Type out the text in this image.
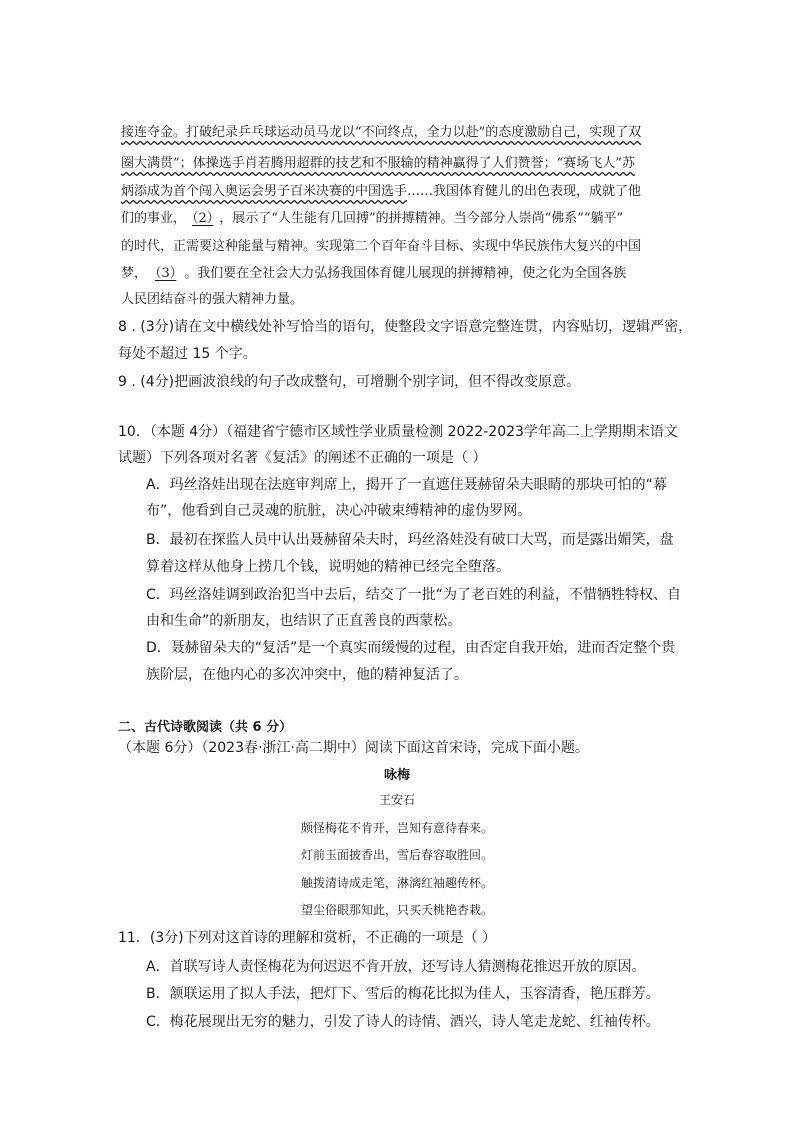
接连夺金。打破纪录乒乓球运动员马龙以“不问终点，全力以赴”的态度激励自己，实现了双
圈大满贯”；体操选手肖若腾用超群的技艺和不服输的精神赢得了人们赞誉；“赛场飞人”苏
炳添成为首个闯入奥运会男子百米决赛的中国选手……我国体育健儿的出色表现，成就了他
们的事业， （2） ，展示了“人生能有几回搏”的拼搏精神。当今部分人崇尚“佛系”“躺平”
的时代，正需要这种能量与精神。实现第二个百年奋斗目标、实现中华民族伟大复兴的中国
梦， （3） 。我们要在全社会大力弘扬我国体育健儿展现的拼搏精神，使之化为全国各族
人民团结奋斗的强大精神力量。
8 . (3分)请在文中横线处补写恰当的语句，使整段文字语意完整连贯，内容贴切，逻辑严密，
每处不超过 15 个字。
9 . (4分)把画波浪线的句子改成整句，可增删个别字词，但不得改变原意。
10．（本题 4分）（福建省宁德市区域性学业质量检测 2022-2023学年高二上学期期末语文
试题）下列各项对名著《复活》的阐述不正确的一项是（ ）
A．玛丝洛娃出现在法庭审判席上，揭开了一直遮住聂赫留朵夫眼睛的那块可怕的“幕
布”，他看到自己灵魂的肮脏，决心冲破束缚精神的虚伪罗网。
B．最初在探监人员中认出聂赫留朵夫时，玛丝洛娃没有破口大骂，而是露出媚笑，盘
算着这样从他身上捞几个钱，说明她的精神已经完全堕落。
C．玛丝洛娃调到政治犯当中去后，结交了一批“为了老百姓的利益，不惜牺牲特权、自
由和生命”的新朋友，也结识了正直善良的西蒙松。
D．聂赫留朵夫的“复活”是一个真实而缓慢的过程，由否定自我开始，进而否定整个贵
族阶层，在他内心的多次冲突中，他的精神复活了。
二、古代诗歌阅读（共 6 分）
（本题 6分）（2023春·浙江·高二期中）阅读下面这首宋诗，完成下面小题。
咏梅
王安石
颇怪梅花不肯开，岂知有意待春来。
灯前玉面披香出，雪后春容取胜回。
触拨清诗成走笔，淋漓红袖趣传杯。
望尘俗眼那知此，只买夭桃艳杏栽。
11．(3分)下列对这首诗的理解和赏析，不正确的一项是（ ）
A．首联写诗人责怪梅花为何迟迟不肯开放，还写诗人猜测梅花推迟开放的原因。
B．颔联运用了拟人手法，把灯下、雪后的梅花比拟为佳人，玉容清香，艳压群芳。
C．梅花展现出无穷的魅力，引发了诗人的诗情、酒兴，诗人笔走龙蛇、红袖传杯。
